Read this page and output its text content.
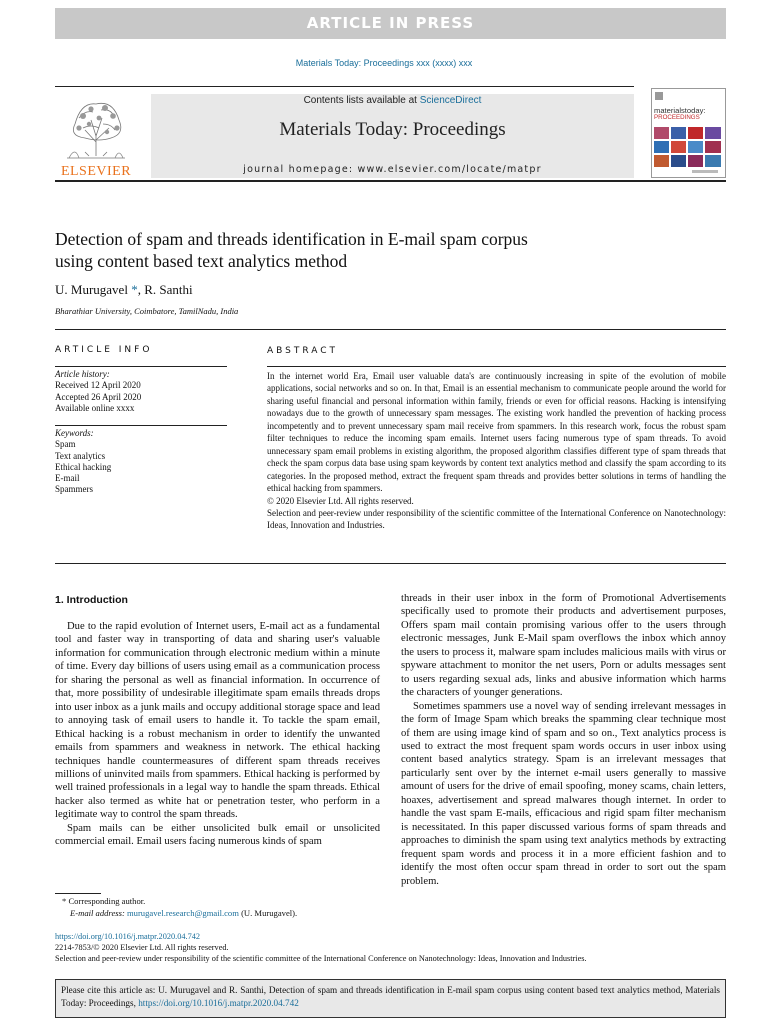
ARTICLE IN PRESS
Materials Today: Proceedings xxx (xxxx) xxx
ELSEVIER
Contents lists available at ScienceDirect
Materials Today: Proceedings
journal homepage: www.elsevier.com/locate/matpr
materialstoday:
PROCEEDINGS
Detection of spam and threads identification in E-mail spam corpus
using content based text analytics method
U. Murugavel *, R. Santhi
Bharathiar University, Coimbatore, TamilNadu, India
ARTICLE INFO
Article history:
Received 12 April 2020
Accepted 26 April 2020
Available online xxxx
Keywords:
Spam
Text analytics
Ethical hacking
E-mail
Spammers
ABSTRACT

In the internet world Era, Email user valuable data's are continuously increasing in spite of the evolution of mobile applications, social networks and so on. In that, Email is an essential mechanism to communicate people around the world for sharing useful financial and personal information within family, friends or even for official reasons. Hacking is intensifying nowadays due to the growth of unnecessary spam messages. The existing work handled the prevention of hacking process incompetently and to prevent unnecessary spam mail receive from spammers. In this research work, focus the robust spam filter techniques to reduce the incoming spam emails. Internet users facing numerous type of spam threads. To avoid unnecessary spam email problems in existing algorithm, the proposed algorithm classifies different type of spam threads that check the spam corpus data base using spam keywords by content text analytics method and classify the spam according to its categories. In the proposed method, extract the frequent spam threads and provides better solutions in terms of handling the ethical hacking from spammers.

© 2020 Elsevier Ltd. All rights reserved.

Selection and peer-review under responsibility of the scientific committee of the International Conference on Nanotechnology: Ideas, Innovation and Industries.

1. Introduction

Due to the rapid evolution of Internet users, E-mail act as a fundamental tool and faster way in transporting of data and sharing user's valuable information for communication through electronic medium within a minute of time. Every day billions of users using email as a communication process for sharing the personal as well as financial information. In occurrence of that, more possibility of undesirable illegitimate spam emails threads drops into user inbox as a junk mails and occupy additional storage space and lead to annoying task of email users to handle it. To tackle the spam email, Ethical hacking is a robust mechanism in order to identify the unwanted emails from spammers and weakness in network. The ethical hacking techniques handle countermeasures of different spam threads receives millions of uninvited mails from spammers. Ethical hacking is performed by well trained professionals in a legal way to handle the spam threads. Ethical hacker also termed as white hat or penetration tester, who perform in a legitimate way to control the spam threads.

Spam mails can be either unsolicited bulk email or unsolicited commercial email. Email users facing numerous kinds of spam

threads in their user inbox in the form of Promotional Advertisements specifically used to promote their products and advertisement purposes, Offers spam mail contain promising various offer to the users through electronic messages, Junk E-Mail spam overflows the inbox which annoy the users to process it, malware spam includes malicious mails with virus or spyware attachment to monitor the net users, Porn or adults messages sent to users regarding sexual ads, links and abusive information which harms the characters of younger generations.

Sometimes spammers use a novel way of sending irrelevant messages in the form of Image Spam which breaks the spamming clear technique most of them are using image kind of spam and so on., Text analytics process is used to extract the most frequent spam words occurs in user inbox using content based analytics strategy. Spam is an irrelevant messages that particularly sent over by the internet e-mail users generally to massive amount of users for the drive of email spoofing, money scams, chain letters, hoaxes, advertisement and spread malwares though internet. In order to handle the vast spam E-mails, efficacious and rigid spam filter mechanism is necessitated. In this paper discussed various forms of spam threads and approaches to diminish the spam using text analytics methods by extracting frequent spam words and process it in a more efficient fashion and to identify the most often occur spam thread in order to sort out the spam problem.

* Corresponding author.
E-mail address: murugavel.research@gmail.com (U. Murugavel).
https://doi.org/10.1016/j.matpr.2020.04.742
2214-7853/© 2020 Elsevier Ltd. All rights reserved.
Selection and peer-review under responsibility of the scientific committee of the International Conference on Nanotechnology: Ideas, Innovation and Industries.
Please cite this article as: U. Murugavel and R. Santhi, Detection of spam and threads identification in E-mail spam corpus using content based text analytics method, Materials Today: Proceedings, https://doi.org/10.1016/j.matpr.2020.04.742
